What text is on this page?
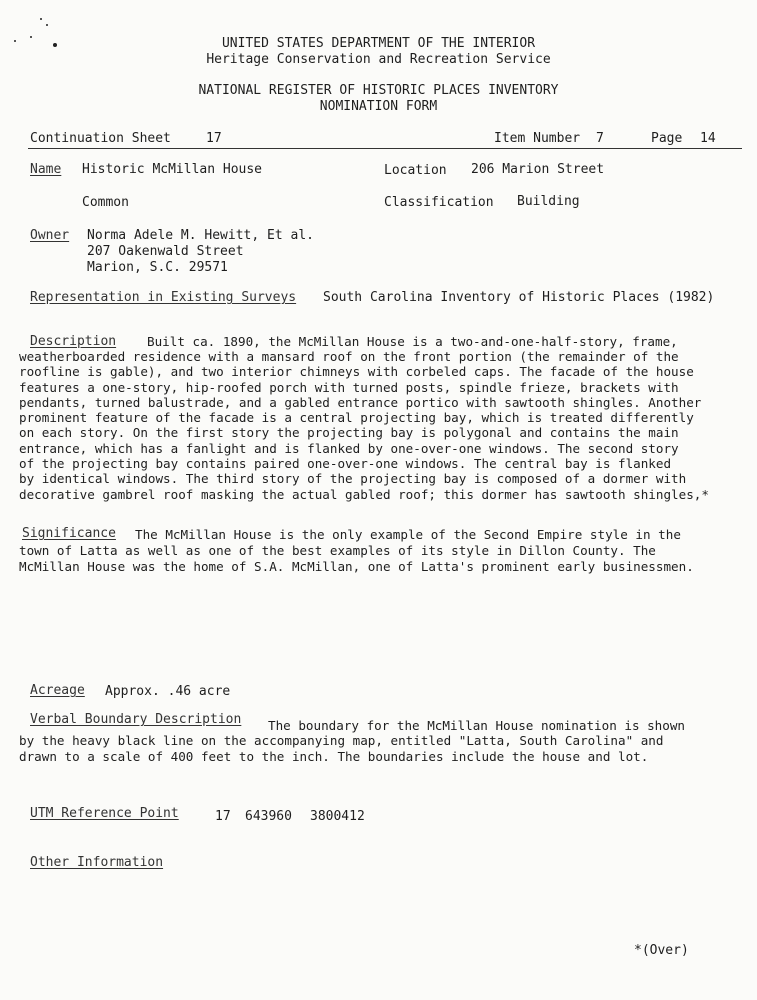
UNITED STATES DEPARTMENT OF THE INTERIOR
Heritage Conservation and Recreation Service
NATIONAL REGISTER OF HISTORIC PLACES INVENTORY
NOMINATION FORM
Continuation Sheet	17	Item Number 7	Page 14
Name Historic McMillan House	Location 206 Marion Street
Common	Classification Building
Owner Norma Adele M. Hewitt, Et al.
207 Oakenwald Street
Marion, S.C. 29571
Representation in Existing Surveys South Carolina Inventory of Historic Places (1982)
Description Built ca. 1890, the McMillan House is a two-and-one-half-story, frame,
weatherboarded residence with a mansard roof on the front portion (the remainder of the
roofline is gable), and two interior chimneys with corbeled caps. The facade of the house
features a one-story, hip-roofed porch with turned posts, spindle frieze, brackets with
pendants, turned balustrade, and a gabled entrance portico with sawtooth shingles. Another
prominent feature of the facade is a central projecting bay, which is treated differently
on each story. On the first story the projecting bay is polygonal and contains the main
entrance, which has a fanlight and is flanked by one-over-one windows. The second story
of the projecting bay contains paired one-over-one windows. The central bay is flanked
by identical windows. The third story of the projecting bay is composed of a dormer with
decorative gambrel roof masking the actual gabled roof; this dormer has sawtooth shingles,*
Significance The McMillan House is the only example of the Second Empire style in the
town of Latta as well as one of the best examples of its style in Dillon County. The
McMillan House was the home of S.A. McMillan, one of Latta's prominent early businessmen.
Acreage Approx. .46 acre
Verbal Boundary Description The boundary for the McMillan House nomination is shown
by the heavy black line on the accompanying map, entitled "Latta, South Carolina" and
drawn to a scale of 400 feet to the inch. The boundaries include the house and lot.
UTM Reference Point	17 643960 3800412
Other Information
*(Over)
